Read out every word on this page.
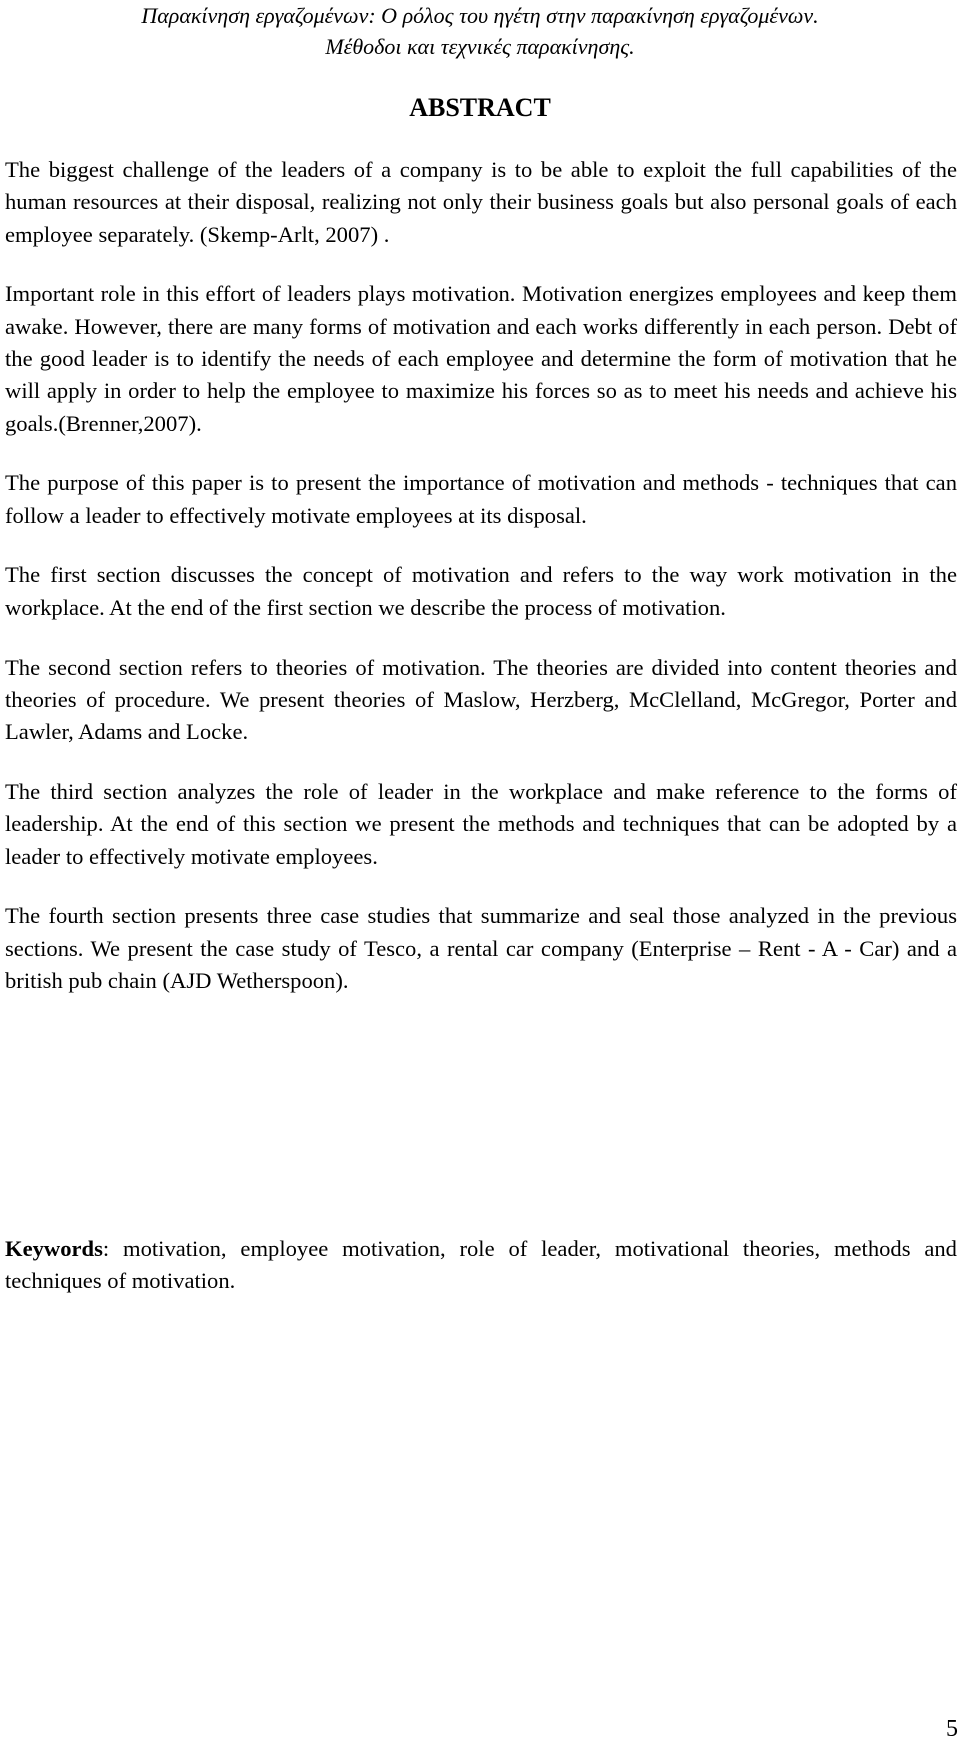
Παρακίνηση εργαζομένων: Ο ρόλος του ηγέτη στην παρακίνηση εργαζομένων.
Μέθοδοι και τεχνικές παρακίνησης.
ABSTRACT

The biggest challenge of the leaders of a company is to be able to exploit the full capabilities of the human resources at their disposal, realizing not only their business goals but also personal goals of each employee separately. (Skemp-Arlt, 2007) .

Important role in this effort of leaders plays motivation. Motivation energizes employees and keep them awake. However, there are many forms of motivation and each works differently in each person. Debt of the good leader is to identify the needs of each employee and determine the form of motivation that he will apply in order to help the employee to maximize his forces so as to meet his needs and achieve his goals.(Brenner,2007).

The purpose of this paper is to present the importance of motivation and methods - techniques that can follow a leader to effectively motivate employees at its disposal.

The first section discusses the concept of motivation and refers to the way work motivation in the workplace. At the end of the first section we describe the process of motivation.

The second section refers to theories of motivation. The theories are divided into content theories and theories of procedure. We present theories of Maslow, Herzberg, McClelland, McGregor, Porter and Lawler, Adams and Locke.

The third section analyzes the role of leader in the workplace and make reference to the forms of leadership. At the end of this section we present the methods and techniques that can be adopted by a leader to effectively motivate employees.

The fourth section presents three case studies that summarize and seal those analyzed in the previous sections. We present the case study of Tesco, a rental car company (Enterprise – Rent - A - Car) and a british pub chain (AJD Wetherspoon).

Keywords: motivation, employee motivation, role of leader, motivational theories, methods and techniques of motivation.
5
